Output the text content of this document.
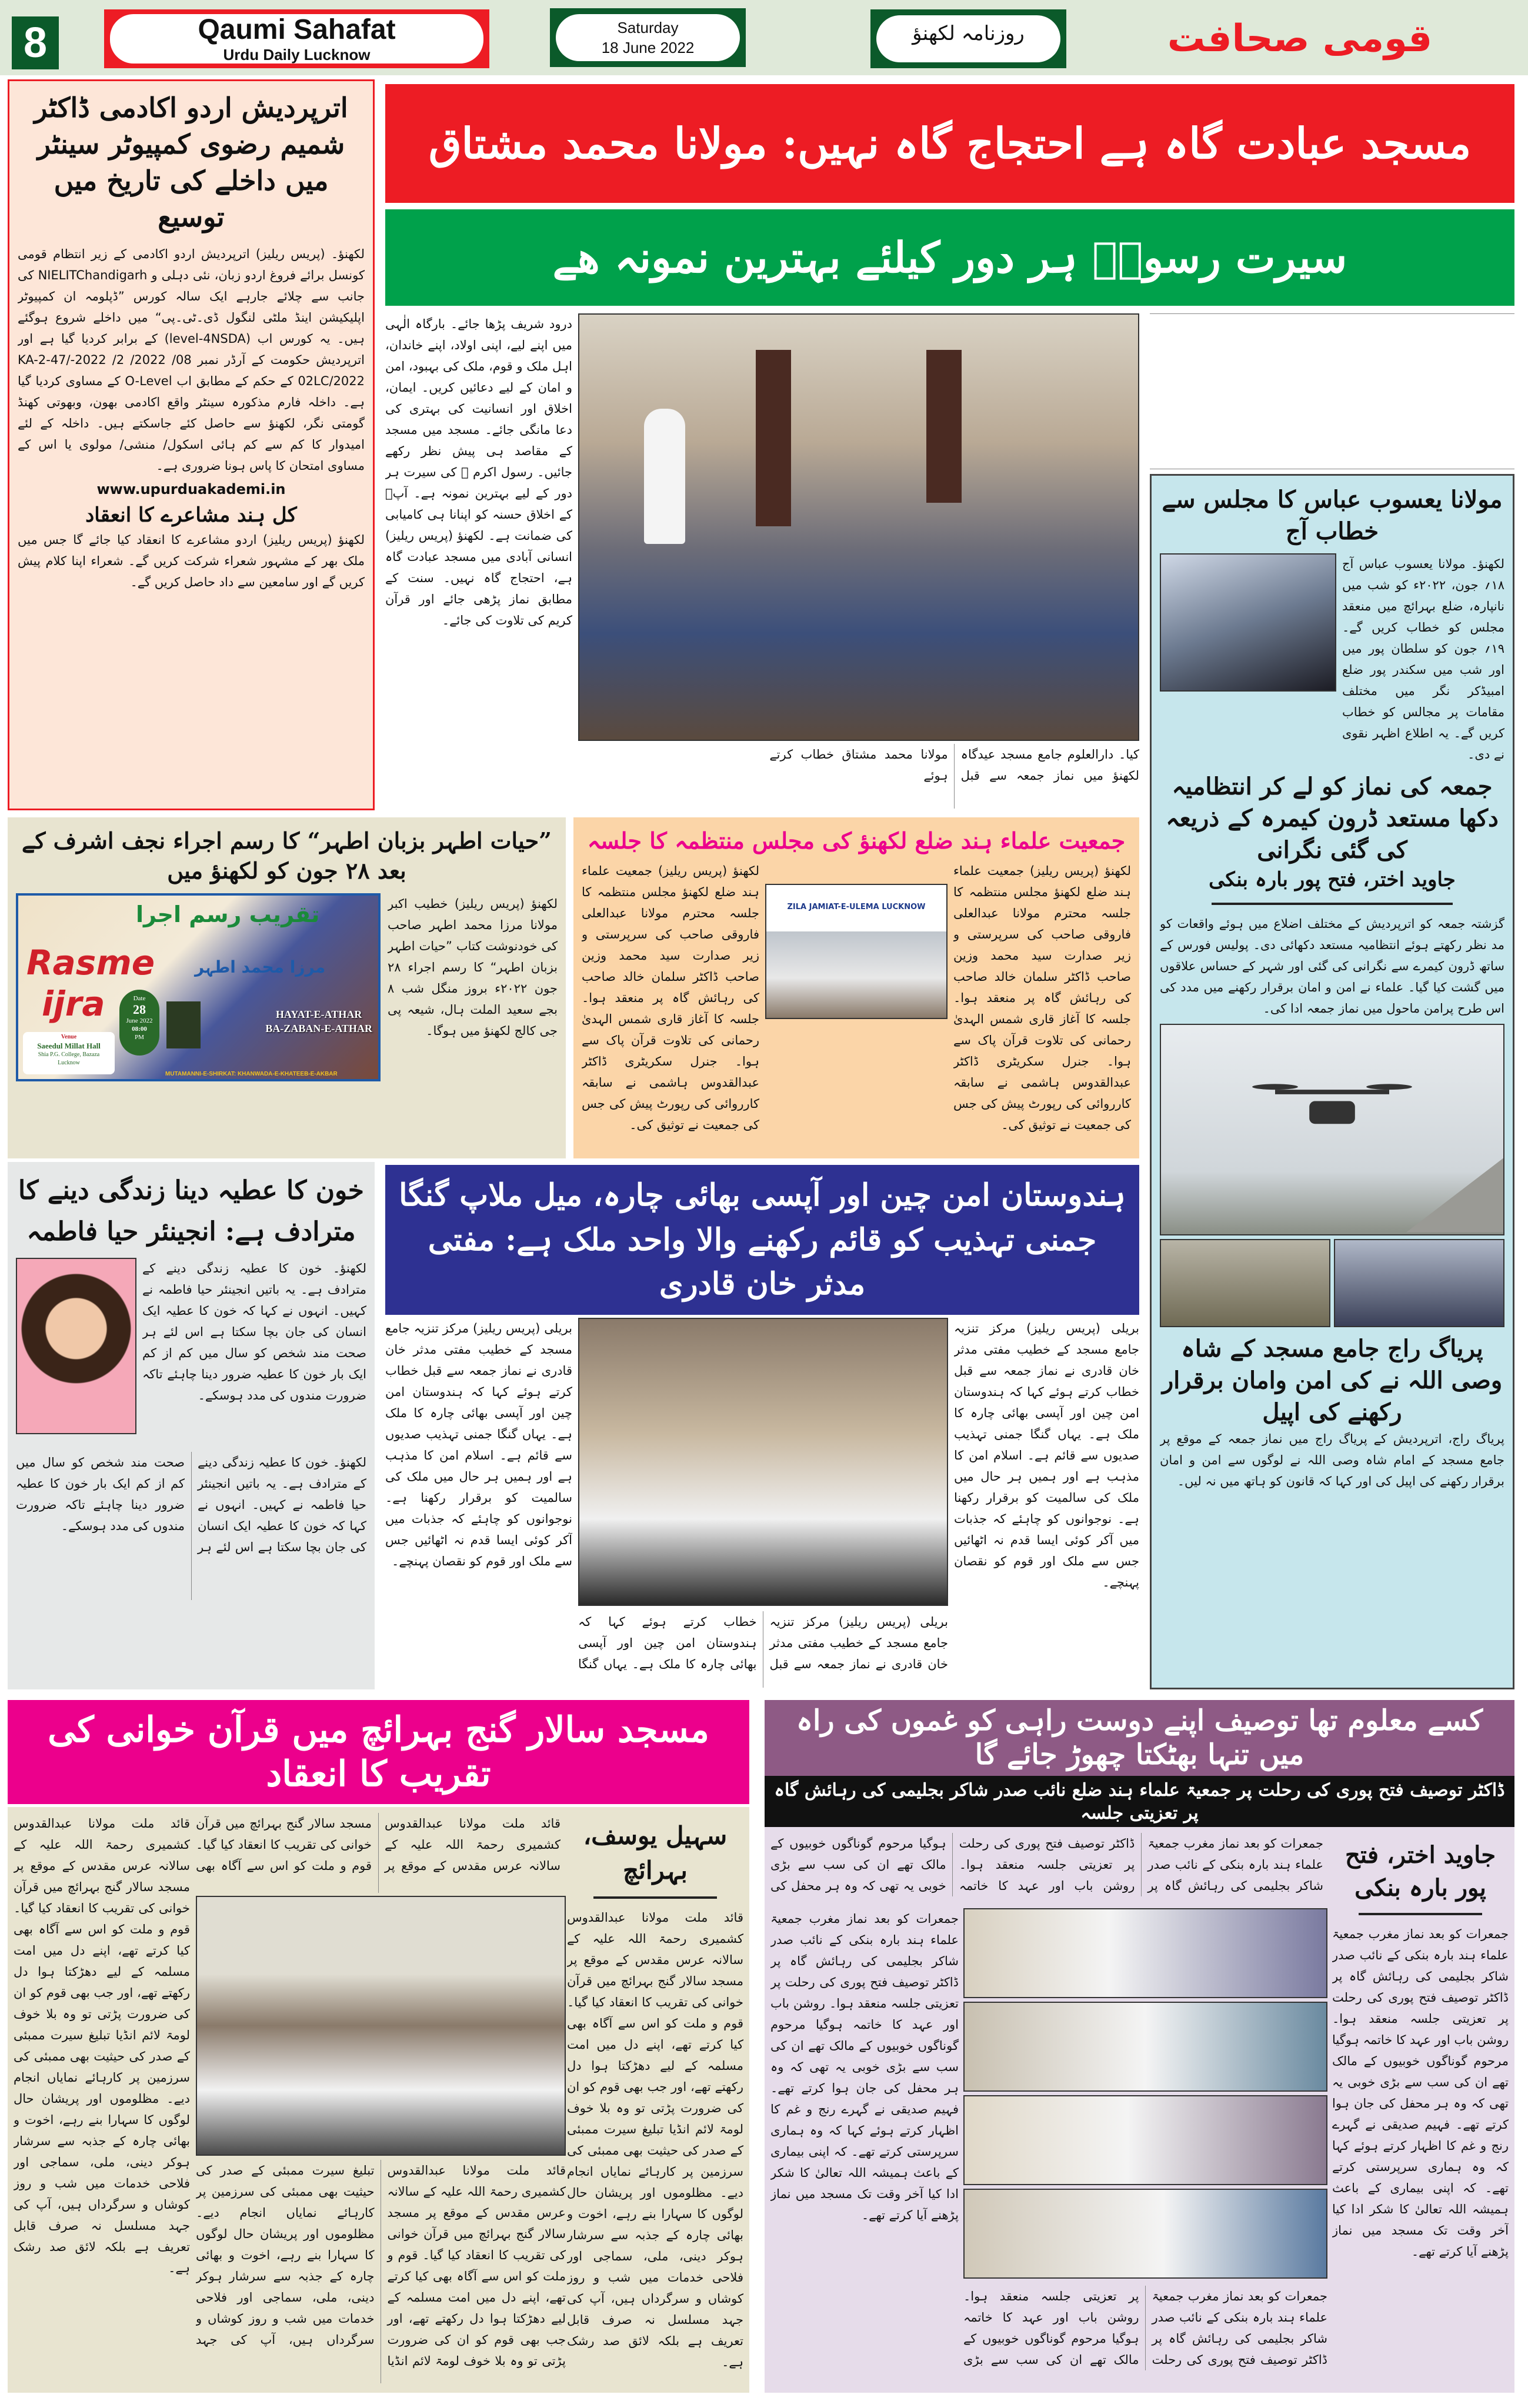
8	Qaumi Sahafat
Urdu Daily Lucknow
Saturday
18 June 2022
روزنامہ لکھنؤ	قومی صحافت
اترپردیش اردو اکادمی ڈاکٹر شمیم رضوی کمپیوٹر سینٹر میں داخلے کی تاریخ میں توسیع
لکھنؤ۔ (پریس ریلیز) اترپردیش اردو اکادمی کے زیر انتظام قومی کونسل برائے فروغ اردو زبان، نئی دہلی و NIELITChandigarh کی جانب سے چلائے جارہے ایک سالہ کورس ”ڈپلومہ ان کمپیوٹر اپلیکیشن اینڈ ملٹی لنگول ڈی۔ٹی۔پی“ میں داخلے شروع ہوگئے ہیں۔ یہ کورس اب (level-4NSDA) کے برابر کردیا گیا ہے اور اترپردیش حکومت کے آرڈر نمبر 08/ 2022/ 2/ 2022-KA-2-47/ 02LC/2022 کے حکم کے مطابق اب O-Level کے مساوی کردیا گیا ہے۔ داخلہ فارم مذکورہ سینٹر واقع اکادمی بھون، وبھوتی کھنڈ گومتی نگر، لکھنؤ سے حاصل کئے جاسکتے ہیں۔ داخلہ کے لئے امیدوار کا کم سے کم ہائی اسکول/ منشی/ مولوی یا اس کے مساوی امتحان کا پاس ہونا ضروری ہے۔
www.upurduakademi.in
کل ہند مشاعرے کا انعقاد
لکھنؤ (پریس ریلیز) اردو مشاعرے کا انعقاد کیا جائے گا جس میں ملک بھر کے مشہور شعراء شرکت کریں گے۔ شعراء اپنا کلام پیش کریں گے اور سامعین سے داد حاصل کریں گے۔
مسجد عبادت گاہ ہے احتجاج گاہ نہیں: مولانا محمد مشتاق
سیرت رسولؐ ہر دور کیلئے بہترین نمونہ ھے
درود شریف پڑھا جائے۔ بارگاہ الٰہی میں اپنے لیے، اپنی اولاد، اپنے خاندان، اہل ملک و قوم، ملک کی بہبود، امن و امان کے لیے دعائیں کریں۔ ایمان، اخلاق اور انسانیت کی بہتری کی دعا مانگی جائے۔ مسجد میں مسجد کے مقاصد ہی پیش نظر رکھے جائیں۔ رسول اکرم ﷺ کی سیرت ہر دور کے لیے بہترین نمونہ ہے۔ آپؐ کے اخلاق حسنہ کو اپنانا ہی کامیابی کی ضمانت ہے۔ لکھنؤ (پریس ریلیز) انسانی آبادی میں مسجد عبادت گاہ ہے، احتجاج گاہ نہیں۔ سنت کے مطابق نماز پڑھی جائے اور قرآن کریم کی تلاوت کی جائے۔
کیا۔ دارالعلوم جامع مسجد عیدگاہ لکھنؤ میں نماز جمعہ سے قبل مولانا محمد مشتاق خطاب کرتے ہوئے
مولانا یعسوب عباس کا مجلس سے خطاب آج
لکھنؤ۔ مولانا یعسوب عباس آج ۱۸؍ جون، ۲۰۲۲ء کو شب میں نانپارہ، ضلع بہرائچ میں منعقد مجلس کو خطاب کریں گے۔ ۱۹؍ جون کو سلطان پور میں اور شب میں سکندر پور ضلع امبیڈکر نگر میں مختلف مقامات پر مجالس کو خطاب کریں گے۔ یہ اطلاع اظہر نقوی نے دی۔
جمعہ کی نماز کو لے کر انتظامیہ دکھا مستعد ڈرون کیمرہ کے ذریعہ کی گئی نگرانی
جاوید اختر، فتح پور بارہ بنکی
گزشتہ جمعہ کو اترپردیش کے مختلف اضلاع میں ہوئے واقعات کو مد نظر رکھتے ہوئے انتظامیہ مستعد دکھائی دی۔ پولیس فورس کے ساتھ ڈرون کیمرے سے نگرانی کی گئی اور شہر کے حساس علاقوں میں گشت کیا گیا۔ علماء نے امن و امان برقرار رکھنے میں مدد کی اس طرح پرامن ماحول میں نماز جمعہ ادا کی۔
پریاگ راج جامع مسجد کے شاہ وصی اللہ نے کی امن وامان برقرار رکھنے کی اپیل
پریاگ راج، اترپردیش کے پریاگ راج میں نماز جمعہ کے موقع پر جامع مسجد کے امام شاہ وصی اللہ نے لوگوں سے امن و امان برقرار رکھنے کی اپیل کی اور کہا کہ قانون کو ہاتھ میں نہ لیں۔
”حیات اطہر بزبان اطہر“ کا رسم اجراء نجف اشرف کے بعد ۲۸ جون کو لکھنؤ میں
لکھنؤ (پریس ریلیز) خطیب اکبر مولانا مرزا محمد اطہر صاحب کی خودنوشت کتاب ”حیات اطہر بزبان اطہر“ کا رسم اجراء ۲۸ جون ۲۰۲۲ء بروز منگل شب ۸ بجے سعید الملت ہال، شیعہ پی جی کالج لکھنؤ میں ہوگا۔
تقریب رسم اجرا
Rasme
ijra
مرزا محمد اطہر
Date
28
June 2022
08:00
PM
Venue
Saeedul Millat Hall
Shia P.G. College, Bazaza
Lucknow
HAYAT-E-ATHAR
BA-ZABAN-E-ATHAR
MUTAMANNI-E-SHIRKAT: KHANWADA-E-KHATEEB-E-AKBAR
جمعیت علماء ہند ضلع لکھنؤ کی مجلس منتظمہ کا جلسہ
لکھنؤ (پریس ریلیز) جمعیت علماء ہند ضلع لکھنؤ مجلس منتظمہ کا جلسہ محترم مولانا عبدالعلی فاروقی صاحب کی سرپرستی و زیر صدارت سید محمد وزین صاحب ڈاکٹر سلمان خالد صاحب کی رہائش گاہ پر منعقد ہوا۔ جلسہ کا آغاز قاری شمس الہدیٰ رحمانی کی تلاوت قرآن پاک سے ہوا۔ جنرل سکریٹری ڈاکٹر عبدالقدوس ہاشمی نے سابقہ کارروائی کی رپورٹ پیش کی جس کی جمعیت نے توثیق کی۔
ZILA JAMIAT-E-ULEMA LUCKNOW
لکھنؤ (پریس ریلیز) جمعیت علماء ہند ضلع لکھنؤ مجلس منتظمہ کا جلسہ محترم مولانا عبدالعلی فاروقی صاحب کی سرپرستی و زیر صدارت سید محمد وزین صاحب ڈاکٹر سلمان خالد صاحب کی رہائش گاہ پر منعقد ہوا۔ جلسہ کا آغاز قاری شمس الہدیٰ رحمانی کی تلاوت قرآن پاک سے ہوا۔ جنرل سکریٹری ڈاکٹر عبدالقدوس ہاشمی نے سابقہ کارروائی کی رپورٹ پیش کی جس کی جمعیت نے توثیق کی۔
خون کا عطیہ دینا زندگی دینے کا مترادف ہے: انجینئر حیا فاطمہ
لکھنؤ۔ خون کا عطیہ زندگی دینے کے مترادف ہے۔ یہ باتیں انجینئر حیا فاطمہ نے کہیں۔ انہوں نے کہا کہ خون کا عطیہ ایک انسان کی جان بچا سکتا ہے اس لئے ہر صحت مند شخص کو سال میں کم از کم ایک بار خون کا عطیہ ضرور دینا چاہئے تاکہ ضرورت مندوں کی مدد ہوسکے۔
لکھنؤ۔ خون کا عطیہ زندگی دینے کے مترادف ہے۔ یہ باتیں انجینئر حیا فاطمہ نے کہیں۔ انہوں نے کہا کہ خون کا عطیہ ایک انسان کی جان بچا سکتا ہے اس لئے ہر صحت مند شخص کو سال میں کم از کم ایک بار خون کا عطیہ ضرور دینا چاہئے تاکہ ضرورت مندوں کی مدد ہوسکے۔
ہندوستان امن چین اور آپسی بھائی چارہ، میل ملاپ گنگا جمنی تہذیب کو قائم رکھنے والا واحد ملک ہے: مفتی مدثر خان قادری
بریلی (پریس ریلیز) مرکز تنزیہ جامع مسجد کے خطیب مفتی مدثر خان قادری نے نماز جمعہ سے قبل خطاب کرتے ہوئے کہا کہ ہندوستان امن چین اور آپسی بھائی چارہ کا ملک ہے۔ یہاں گنگا جمنی تہذیب صدیوں سے قائم ہے۔ اسلام امن کا مذہب ہے اور ہمیں ہر حال میں ملک کی سالمیت کو برقرار رکھنا ہے۔ نوجوانوں کو چاہئے کہ جذبات میں آکر کوئی ایسا قدم نہ اٹھائیں جس سے ملک اور قوم کو نقصان پہنچے۔
بریلی (پریس ریلیز) مرکز تنزیہ جامع مسجد کے خطیب مفتی مدثر خان قادری نے نماز جمعہ سے قبل خطاب کرتے ہوئے کہا کہ ہندوستان امن چین اور آپسی بھائی چارہ کا ملک ہے۔ یہاں گنگا
بریلی (پریس ریلیز) مرکز تنزیہ جامع مسجد کے خطیب مفتی مدثر خان قادری نے نماز جمعہ سے قبل خطاب کرتے ہوئے کہا کہ ہندوستان امن چین اور آپسی بھائی چارہ کا ملک ہے۔ یہاں گنگا جمنی تہذیب صدیوں سے قائم ہے۔ اسلام امن کا مذہب ہے اور ہمیں ہر حال میں ملک کی سالمیت کو برقرار رکھنا ہے۔ نوجوانوں کو چاہئے کہ جذبات میں آکر کوئی ایسا قدم نہ اٹھائیں جس سے ملک اور قوم کو نقصان پہنچے۔
مسجد سالار گنج بہرائچ میں قرآن خوانی کی تقریب کا انعقاد
سہیل یوسف، بہرائچ
قائد ملت مولانا عبدالقدوس کشمیری رحمۃ اللہ علیہ کے سالانہ عرس مقدس کے موقع پر مسجد سالار گنج بہرائچ میں قرآن خوانی کی تقریب کا انعقاد کیا گیا۔ قوم و ملت کو اس سے آگاہ بھی کیا کرتے تھے، اپنے دل میں امت مسلمہ کے لیے دھڑکتا ہوا دل رکھتے تھے، اور جب بھی قوم کو ان کی ضرورت پڑتی تو وہ بلا خوف لومۃ لائم انڈیا تبلیغ سیرت ممبئی کے صدر کی حیثیت بھی ممبئی کی سرزمین پر کارہائے نمایاں انجام دیے۔ مظلوموں اور پریشان حال لوگوں کا سہارا بنے رہے، اخوت و بھائی چارہ کے جذبہ سے سرشار ہوکر دینی، ملی، سماجی اور فلاحی خدمات میں شب و روز کوشاں و سرگرداں ہیں، آپ کی جہد مسلسل نہ صرف قابل تعریف ہے بلکہ لائق صد رشک ہے۔
قائد ملت مولانا عبدالقدوس کشمیری رحمۃ اللہ علیہ کے سالانہ عرس مقدس کے موقع پر مسجد سالار گنج بہرائچ میں قرآن خوانی کی تقریب کا انعقاد کیا گیا۔ قوم و ملت کو اس سے آگاہ بھی
قائد ملت مولانا عبدالقدوس کشمیری رحمۃ اللہ علیہ کے سالانہ عرس مقدس کے موقع پر مسجد سالار گنج بہرائچ میں قرآن خوانی کی تقریب کا انعقاد کیا گیا۔ قوم و ملت کو اس سے آگاہ بھی کیا کرتے تھے، اپنے دل میں امت مسلمہ کے لیے دھڑکتا ہوا دل رکھتے تھے، اور جب بھی قوم کو ان کی ضرورت پڑتی تو وہ بلا خوف لومۃ لائم انڈیا تبلیغ سیرت ممبئی کے صدر کی حیثیت بھی ممبئی کی سرزمین پر کارہائے نمایاں انجام دیے۔ مظلوموں اور پریشان حال لوگوں کا سہارا بنے رہے، اخوت و بھائی چارہ کے جذبہ سے سرشار ہوکر دینی، ملی، سماجی اور فلاحی خدمات میں شب و روز کوشاں و سرگرداں ہیں، آپ کی جہد
قائد ملت مولانا عبدالقدوس کشمیری رحمۃ اللہ علیہ کے سالانہ عرس مقدس کے موقع پر مسجد سالار گنج بہرائچ میں قرآن خوانی کی تقریب کا انعقاد کیا گیا۔ قوم و ملت کو اس سے آگاہ بھی کیا کرتے تھے، اپنے دل میں امت مسلمہ کے لیے دھڑکتا ہوا دل رکھتے تھے، اور جب بھی قوم کو ان کی ضرورت پڑتی تو وہ بلا خوف لومۃ لائم انڈیا تبلیغ سیرت ممبئی کے صدر کی حیثیت بھی ممبئی کی سرزمین پر کارہائے نمایاں انجام دیے۔ مظلوموں اور پریشان حال لوگوں کا سہارا بنے رہے، اخوت و بھائی چارہ کے جذبہ سے سرشار ہوکر دینی، ملی، سماجی اور فلاحی خدمات میں شب و روز کوشاں و سرگرداں ہیں، آپ کی جہد مسلسل نہ صرف قابل تعریف ہے بلکہ لائق صد رشک ہے۔
کسے معلوم تھا توصیف اپنے دوست راہی کو غموں کی راہ میں تنہا بھٹکتا چھوڑ جائے گا
ڈاکٹر توصیف فتح پوری کی رحلت پر جمعیۃ علماء ہند ضلع نائب صدر شاکر بجلیمی کی رہائش گاہ پر تعزیتی جلسہ
جاوید اختر، فتح پور بارہ بنکی
جمعرات کو بعد نماز مغرب جمعیۃ علماء ہند بارہ بنکی کے نائب صدر شاکر بجلیمی کی رہائش گاہ پر ڈاکٹر توصیف فتح پوری کی رحلت پر تعزیتی جلسہ منعقد ہوا۔ روشن باب اور عہد کا خاتمہ ہوگیا مرحوم گوناگوں خوبیوں کے مالک تھے ان کی سب سے بڑی خوبی یہ تھی کہ وہ ہر محفل کی جان ہوا کرتے تھے۔ فہیم صدیقی نے گہرے رنج و غم کا اظہار کرتے ہوئے کہا کہ وہ ہماری سرپرستی کرتے تھے۔ کہ اپنی بیماری کے باعث ہمیشہ اللہ تعالیٰ کا شکر ادا کیا آخر وقت تک مسجد میں نماز پڑھنے آیا کرتے تھے۔
جمعرات کو بعد نماز مغرب جمعیۃ علماء ہند بارہ بنکی کے نائب صدر شاکر بجلیمی کی رہائش گاہ پر ڈاکٹر توصیف فتح پوری کی رحلت پر تعزیتی جلسہ منعقد ہوا۔ روشن باب اور عہد کا خاتمہ ہوگیا مرحوم گوناگوں خوبیوں کے مالک تھے ان کی سب سے بڑی خوبی یہ تھی کہ وہ ہر محفل کی
جمعرات کو بعد نماز مغرب جمعیۃ علماء ہند بارہ بنکی کے نائب صدر شاکر بجلیمی کی رہائش گاہ پر ڈاکٹر توصیف فتح پوری کی رحلت پر تعزیتی جلسہ منعقد ہوا۔ روشن باب اور عہد کا خاتمہ ہوگیا مرحوم گوناگوں خوبیوں کے مالک تھے ان کی سب سے بڑی خوبی یہ تھی کہ وہ ہر محفل کی جان ہوا کرتے تھے۔ فہیم صدیقی نے گہرے رنج و غم کا اظہار کرتے ہوئے کہا کہ وہ ہماری سرپرستی کرتے تھے۔ کہ اپنی بیماری کے باعث ہمیشہ اللہ تعالیٰ کا شکر ادا کیا آخر وقت تک مسجد میں نماز پڑھنے آیا کرتے تھے۔
جمعرات کو بعد نماز مغرب جمعیۃ علماء ہند بارہ بنکی کے نائب صدر شاکر بجلیمی کی رہائش گاہ پر ڈاکٹر توصیف فتح پوری کی رحلت پر تعزیتی جلسہ منعقد ہوا۔ روشن باب اور عہد کا خاتمہ ہوگیا مرحوم گوناگوں خوبیوں کے مالک تھے ان کی سب سے بڑی
